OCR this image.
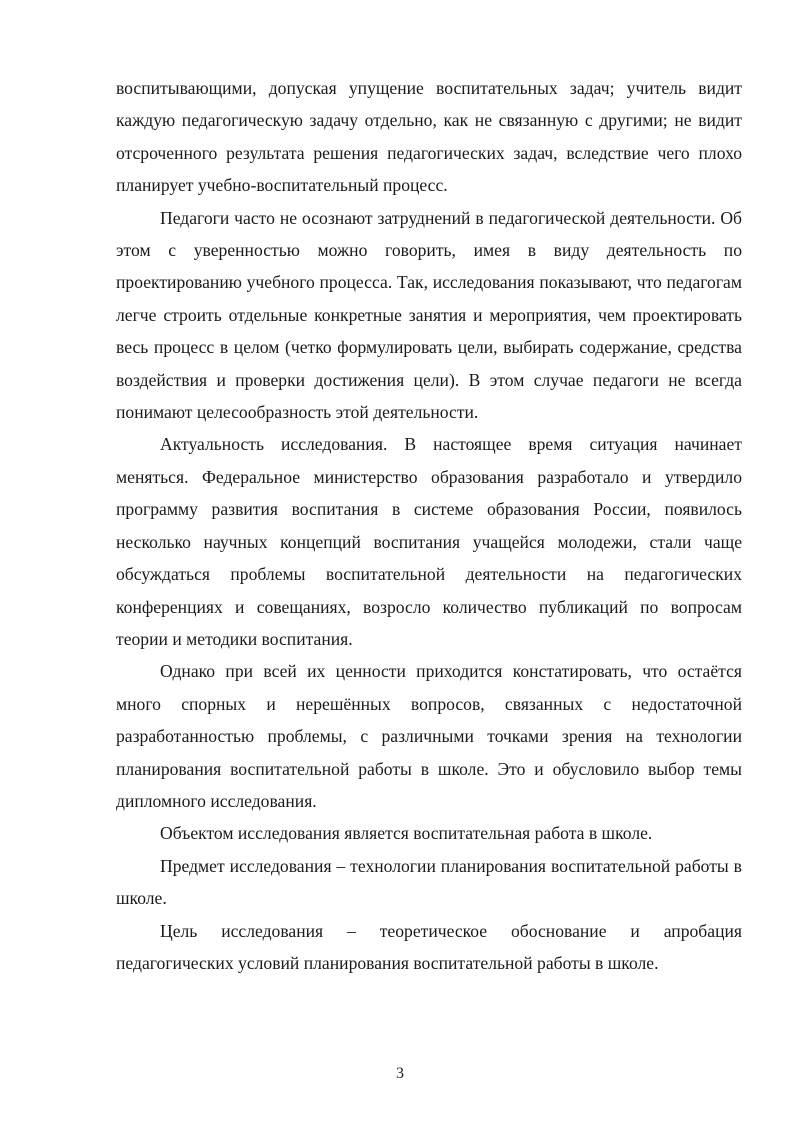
воспитывающими, допуская упущение воспитательных задач; учитель видит каждую педагогическую задачу отдельно, как не связанную с другими; не видит отсроченного результата решения педагогических задач, вследствие чего плохо планирует учебно-воспитательный процесс.

Педагоги часто не осознают затруднений в педагогической деятельности. Об этом с уверенностью можно говорить, имея в виду деятельность по проектированию учебного процесса. Так, исследования показывают, что педагогам легче строить отдельные конкретные занятия и мероприятия, чем проектировать весь процесс в целом (четко формулировать цели, выбирать содержание, средства воздействия и проверки достижения цели). В этом случае педагоги не всегда понимают целесообразность этой деятельности.

Актуальность исследования. В настоящее время ситуация начинает меняться. Федеральное министерство образования разработало и утвердило программу развития воспитания в системе образования России, появилось несколько научных концепций воспитания учащейся молодежи, стали чаще обсуждаться проблемы воспитательной деятельности на педагогических конференциях и совещаниях, возросло количество публикаций по вопросам теории и методики воспитания.

Однако при всей их ценности приходится констатировать, что остаётся много спорных и нерешённых вопросов, связанных с недостаточной разработанностью проблемы, с различными точками зрения на технологии планирования воспитательной работы в школе. Это и обусловило выбор темы дипломного исследования.

Объектом исследования является воспитательная работа в школе.

Предмет исследования – технологии планирования воспитательной работы в школе.

Цель исследования – теоретическое обоснование и апробация педагогических условий планирования воспитательной работы в школе.

3
